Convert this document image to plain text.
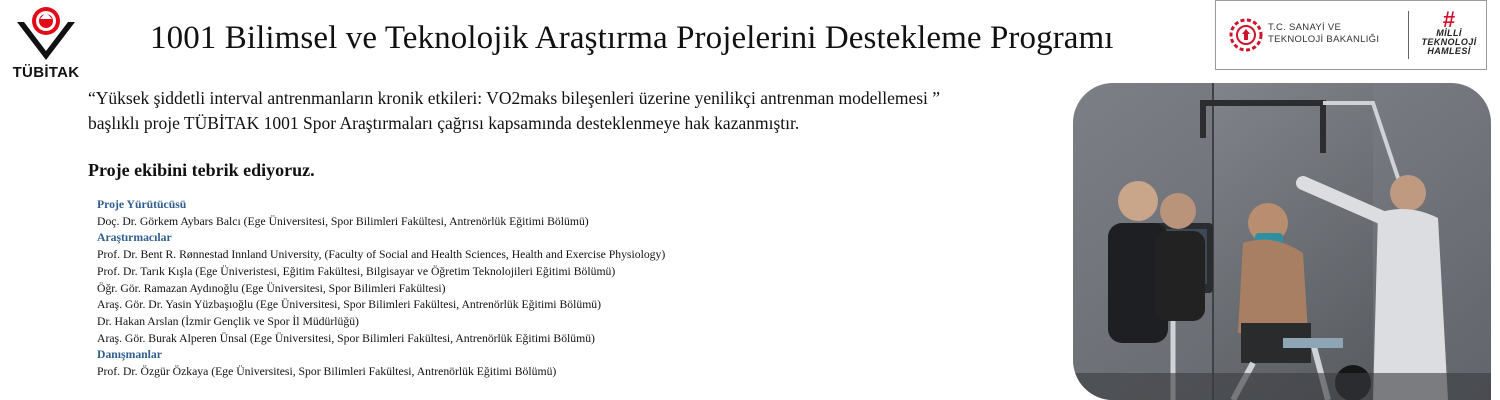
TÜBİTAK
1001 Bilimsel ve Teknolojik Araştırma Projelerini Destekleme Programı	T.C. SANAYİ VE
TEKNOLOJİ BAKANLIĞI
#
MİLLİ
TEKNOLOJİ
HAMLESİ
“Yüksek şiddetli interval antrenmanların kronik etkileri: VO2maks bileşenleri üzerine yenilikçi antrenman modellemesi ”
başlıklı proje TÜBİTAK 1001 Spor Araştırmaları çağrısı kapsamında desteklenmeye hak kazanmıştır.
Proje ekibini tebrik ediyoruz.
Proje Yürütücüsü
Doç. Dr. Görkem Aybars Balcı (Ege Üniversitesi, Spor Bilimleri Fakültesi, Antrenörlük Eğitimi Bölümü)
Araştırmacılar
Prof. Dr. Bent R. Rønnestad Innland University, (Faculty of Social and Health Sciences, Health and Exercise Physiology)
Prof. Dr. Tarık Kışla (Ege Üniveristesi, Eğitim Fakültesi, Bilgisayar ve Öğretim Teknolojileri Eğitimi Bölümü)
Öğr. Gör. Ramazan Aydınoğlu (Ege Üniversitesi, Spor Bilimleri Fakültesi)
Araş. Gör. Dr. Yasin Yüzbaşıoğlu (Ege Üniversitesi, Spor Bilimleri Fakültesi, Antrenörlük Eğitimi Bölümü)
Dr. Hakan Arslan (İzmir Gençlik ve Spor İl Müdürlüğü)
Araş. Gör. Burak Alperen Ünsal (Ege Üniversitesi, Spor Bilimleri Fakültesi, Antrenörlük Eğitimi Bölümü)
Danışmanlar
Prof. Dr. Özgür Özkaya (Ege Üniversitesi, Spor Bilimleri Fakültesi, Antrenörlük Eğitimi Bölümü)
